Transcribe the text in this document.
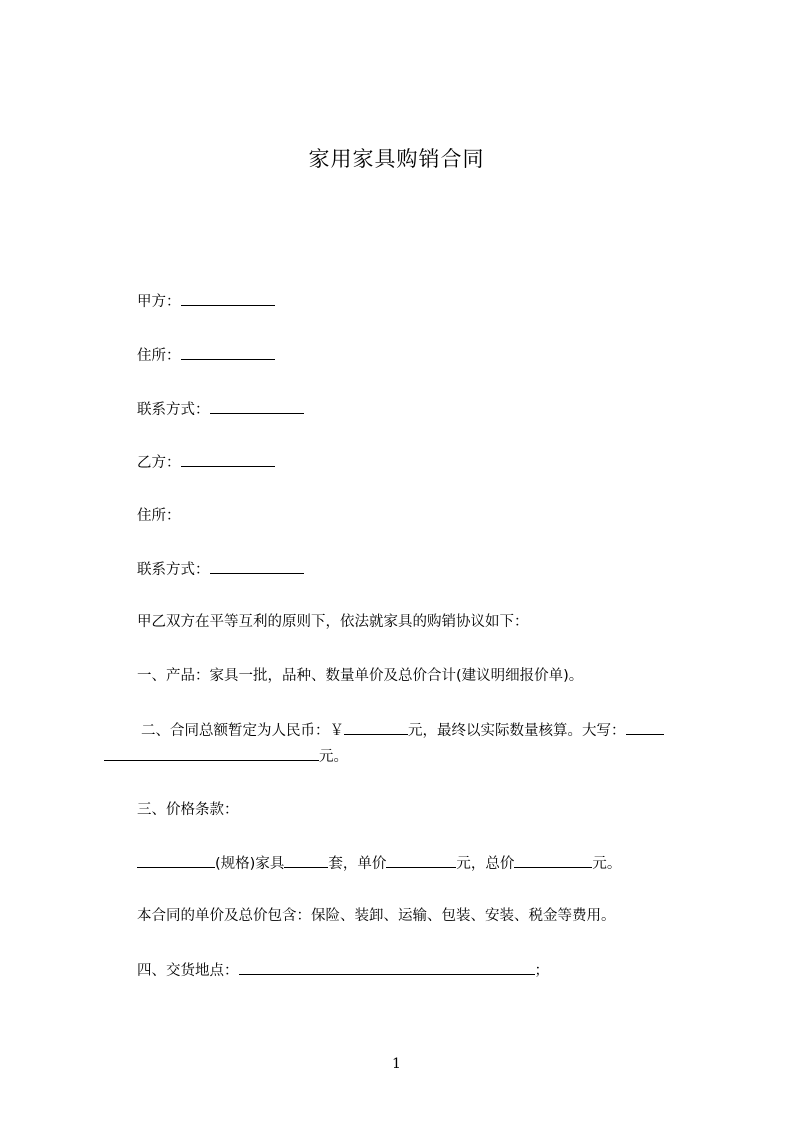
家用家具购销合同
甲方：
住所：
联系方式：
乙方：
住所：
联系方式：
甲乙双方在平等互利的原则下，依法就家具的购销协议如下：
一、产品：家具一批，品种、数量单价及总价合计(建议明细报价单)。
二、合同总额暂定为人民币：￥	元，最终以实际数量核算。大写：
元。
三、价格条款：
(规格)家具	套，单价	元，总价	元。
本合同的单价及总价包含：保险、装卸、运输、包装、安装、税金等费用。
四、交货地点：	；
1
